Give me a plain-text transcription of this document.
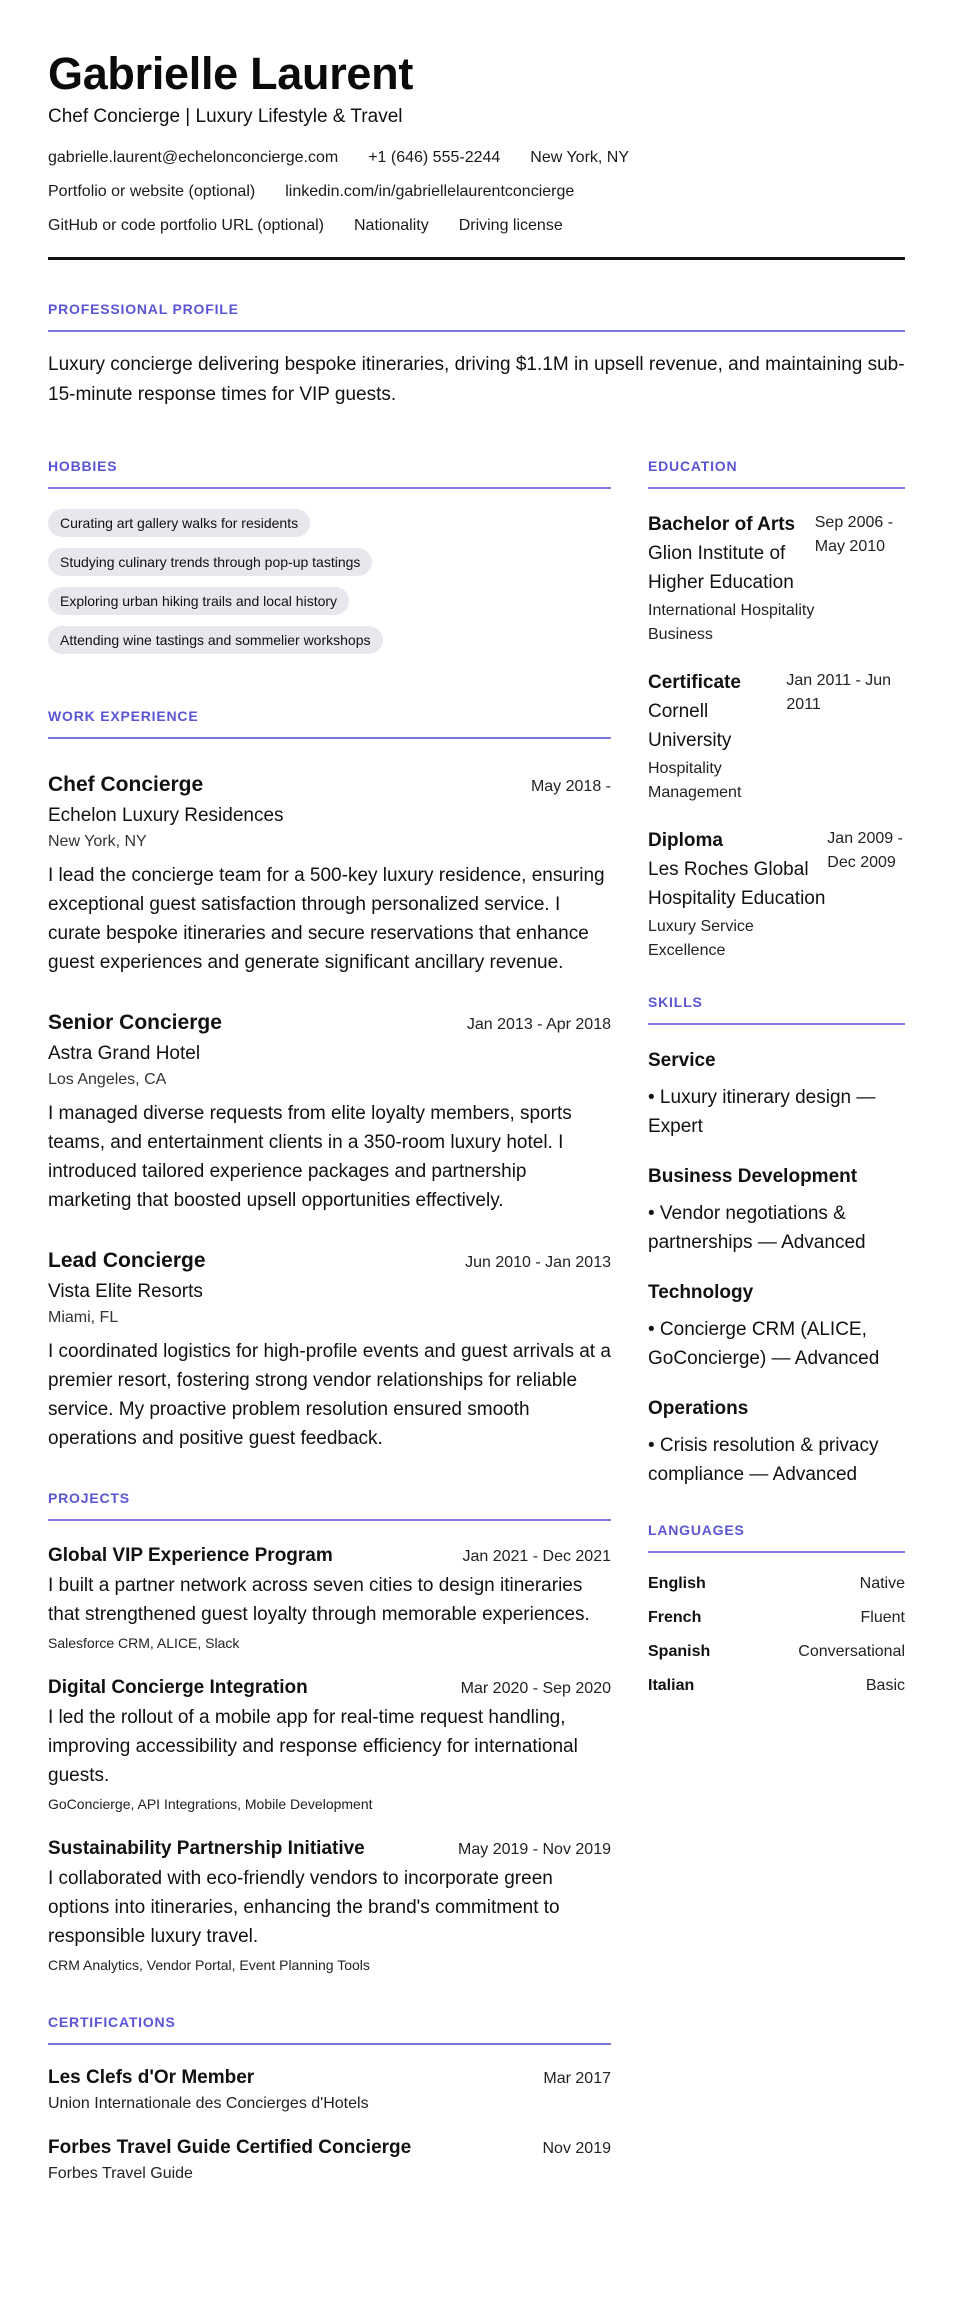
Gabrielle Laurent
Chef Concierge | Luxury Lifestyle & Travel
gabrielle.laurent@echelonconcierge.com +1 (646) 555-2244 New York, NY
Portfolio or website (optional) linkedin.com/in/gabriellelaurentconcierge
GitHub or code portfolio URL (optional) Nationality Driving license
PROFESSIONAL PROFILE

Luxury concierge delivering bespoke itineraries, driving $1.1M in upsell revenue, and maintaining sub-15-minute response times for VIP guests.

HOBBIES
Curating art gallery walks for residents
Studying culinary trends through pop-up tastings
Exploring urban hiking trails and local history
Attending wine tastings and sommelier workshops
WORK EXPERIENCE
Chef Concierge	May 2018 -
Echelon Luxury Residences
New York, NY

I lead the concierge team for a 500-key luxury residence, ensuring exceptional guest satisfaction through personalized service. I curate bespoke itineraries and secure reservations that enhance guest experiences and generate significant ancillary revenue.

Senior Concierge	Jan 2013 - Apr 2018
Astra Grand Hotel
Los Angeles, CA

I managed diverse requests from elite loyalty members, sports teams, and entertainment clients in a 350-room luxury hotel. I introduced tailored experience packages and partnership marketing that boosted upsell opportunities effectively.

Lead Concierge	Jun 2010 - Jan 2013
Vista Elite Resorts
Miami, FL

I coordinated logistics for high-profile events and guest arrivals at a premier resort, fostering strong vendor relationships for reliable service. My proactive problem resolution ensured smooth operations and positive guest feedback.

PROJECTS
Global VIP Experience Program	Jan 2021 - Dec 2021

I built a partner network across seven cities to design itineraries that strengthened guest loyalty through memorable experiences.

Salesforce CRM, ALICE, Slack
Digital Concierge Integration	Mar 2020 - Sep 2020

I led the rollout of a mobile app for real-time request handling, improving accessibility and response efficiency for international guests.

GoConcierge, API Integrations, Mobile Development
Sustainability Partnership Initiative	May 2019 - Nov 2019

I collaborated with eco-friendly vendors to incorporate green options into itineraries, enhancing the brand's commitment to responsible luxury travel.

CRM Analytics, Vendor Portal, Event Planning Tools
CERTIFICATIONS
Les Clefs d'Or Member	Mar 2017
Union Internationale des Concierges d'Hotels
Forbes Travel Guide Certified Concierge	Nov 2019
Forbes Travel Guide
EDUCATION
Bachelor of Arts
Glion Institute of Higher Education
International Hospitality Business
Sep 2006 - May 2010
Certificate
Cornell University
Hospitality Management
Jan 2011 - Jun 2011
Diploma
Les Roches Global Hospitality Education
Luxury Service Excellence
Jan 2009 - Dec 2009
SKILLS
Service
• Luxury itinerary design — Expert
Business Development
• Vendor negotiations & partnerships — Advanced
Technology
• Concierge CRM (ALICE, GoConcierge) — Advanced
Operations
• Crisis resolution & privacy compliance — Advanced
LANGUAGES
English	Native
French	Fluent
Spanish	Conversational
Italian	Basic
